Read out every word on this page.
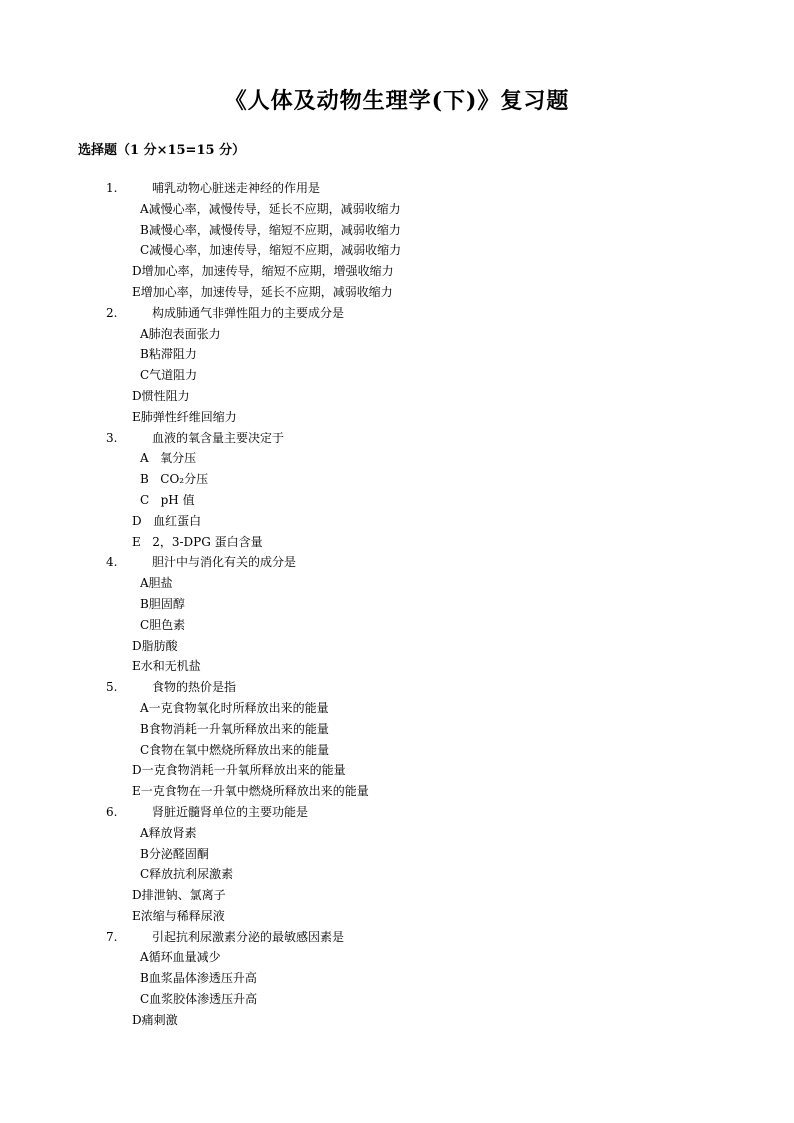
《人体及动物生理学(下)》复习题
选择题（1 分×15=15 分）
1.	哺乳动物心脏迷走神经的作用是
A减慢心率，减慢传导，延长不应期，减弱收缩力
B减慢心率，减慢传导，缩短不应期，减弱收缩力
C减慢心率，加速传导，缩短不应期，减弱收缩力
D增加心率，加速传导，缩短不应期，增强收缩力
E增加心率，加速传导，延长不应期，减弱收缩力
2.	构成肺通气非弹性阻力的主要成分是
A肺泡表面张力
B粘滞阻力
C气道阻力
D惯性阻力
E肺弹性纤维回缩力
3.	血液的氧含量主要决定于
A   氧分压
B   CO₂分压
C   pH 值
D   血红蛋白
E   2，3-DPG 蛋白含量
4.	胆汁中与消化有关的成分是
A胆盐
B胆固醇
C胆色素
D脂肪酸
E水和无机盐
5.	食物的热价是指
A一克食物氧化时所释放出来的能量
B食物消耗一升氧所释放出来的能量
C食物在氧中燃烧所释放出来的能量
D一克食物消耗一升氧所释放出来的能量
E一克食物在一升氧中燃烧所释放出来的能量
6.	肾脏近髓肾单位的主要功能是
A释放肾素
B分泌醛固酮
C释放抗利尿激素
D排泄钠、氯离子
E浓缩与稀释尿液
7.	引起抗利尿激素分泌的最敏感因素是
A循环血量减少
B血浆晶体渗透压升高
C血浆胶体渗透压升高
D痛刺激
